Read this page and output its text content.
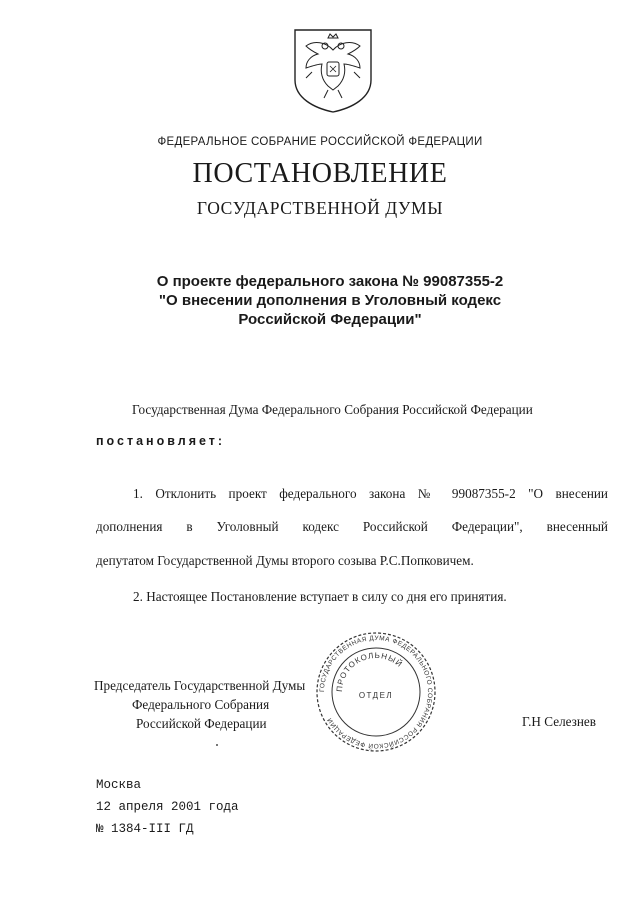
ФЕДЕРАЛЬНОЕ СОБРАНИЕ РОССИЙСКОЙ ФЕДЕРАЦИИ
ПОСТАНОВЛЕНИЕ
ГОСУДАРСТВЕННОЙ ДУМЫ
О проекте федерального закона № 99087355-2
"О внесении дополнения в Уголовный кодекс
Российской Федерации"
Государственная Дума Федерального Собрания Российской Федерации
постановляет:
1. Отклонить проект федерального закона № 99087355-2 "О внесении
дополнения в Уголовный кодекс Российской Федерации", внесенный
депутатом Государственной Думы второго созыва Р.С.Попковичем.
2. Настоящее Постановление вступает в силу со дня его принятия.
ГОСУДАРСТВЕННАЯ ДУМА ФЕДЕРАЛЬНОГО СОБРАНИЯ РОССИЙСКОЙ ФЕДЕРАЦИИ
ПРОТОКОЛЬНЫЙ
ОТДЕЛ
Председатель Государственной Думы
Федерального Собрания
Российской Федерации	Г.Н Селезнев
Москва
12 апреля 2001 года
№ 1384-III ГД
